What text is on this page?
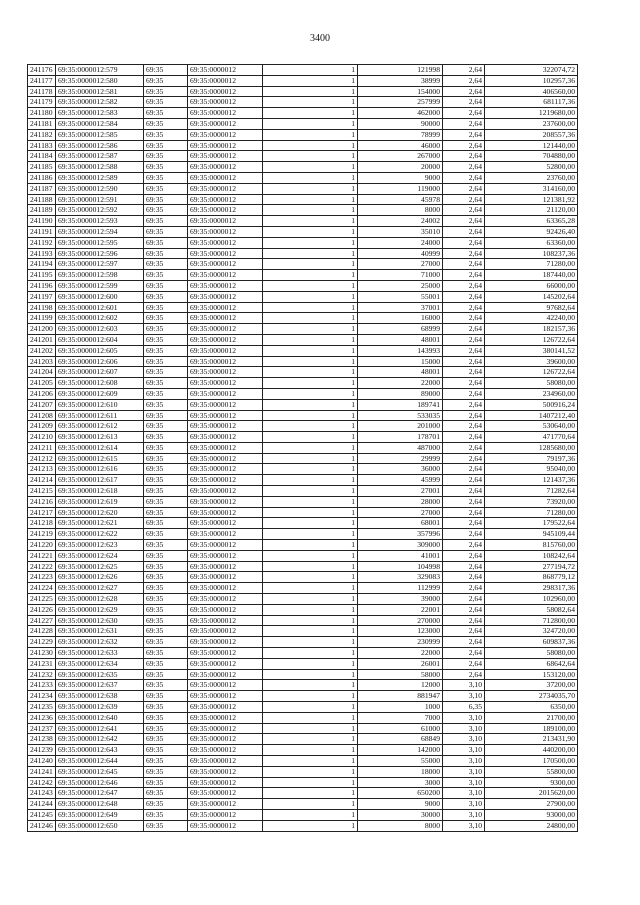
3400
241176	69:35:0000012:579	69:35	69:35:0000012	1	121998	2,64	322074,72
241177	69:35:0000012:580	69:35	69:35:0000012	1	38999	2,64	102957,36
241178	69:35:0000012:581	69:35	69:35:0000012	1	154000	2,64	406560,00
241179	69:35:0000012:582	69:35	69:35:0000012	1	257999	2,64	681117,36
241180	69:35:0000012:583	69:35	69:35:0000012	1	462000	2,64	1219680,00
241181	69:35:0000012:584	69:35	69:35:0000012	1	90000	2,64	237600,00
241182	69:35:0000012:585	69:35	69:35:0000012	1	78999	2,64	208557,36
241183	69:35:0000012:586	69:35	69:35:0000012	1	46000	2,64	121440,00
241184	69:35:0000012:587	69:35	69:35:0000012	1	267000	2,64	704880,00
241185	69:35:0000012:588	69:35	69:35:0000012	1	20000	2,64	52800,00
241186	69:35:0000012:589	69:35	69:35:0000012	1	9000	2,64	23760,00
241187	69:35:0000012:590	69:35	69:35:0000012	1	119000	2,64	314160,00
241188	69:35:0000012:591	69:35	69:35:0000012	1	45978	2,64	121381,92
241189	69:35:0000012:592	69:35	69:35:0000012	1	8000	2,64	21120,00
241190	69:35:0000012:593	69:35	69:35:0000012	1	24002	2,64	63365,28
241191	69:35:0000012:594	69:35	69:35:0000012	1	35010	2,64	92426,40
241192	69:35:0000012:595	69:35	69:35:0000012	1	24000	2,64	63360,00
241193	69:35:0000012:596	69:35	69:35:0000012	1	40999	2,64	108237,36
241194	69:35:0000012:597	69:35	69:35:0000012	1	27000	2,64	71280,00
241195	69:35:0000012:598	69:35	69:35:0000012	1	71000	2,64	187440,00
241196	69:35:0000012:599	69:35	69:35:0000012	1	25000	2,64	66000,00
241197	69:35:0000012:600	69:35	69:35:0000012	1	55001	2,64	145202,64
241198	69:35:0000012:601	69:35	69:35:0000012	1	37001	2,64	97682,64
241199	69:35:0000012:602	69:35	69:35:0000012	1	16000	2,64	42240,00
241200	69:35:0000012:603	69:35	69:35:0000012	1	68999	2,64	182157,36
241201	69:35:0000012:604	69:35	69:35:0000012	1	48001	2,64	126722,64
241202	69:35:0000012:605	69:35	69:35:0000012	1	143993	2,64	380141,52
241203	69:35:0000012:606	69:35	69:35:0000012	1	15000	2,64	39600,00
241204	69:35:0000012:607	69:35	69:35:0000012	1	48001	2,64	126722,64
241205	69:35:0000012:608	69:35	69:35:0000012	1	22000	2,64	58080,00
241206	69:35:0000012:609	69:35	69:35:0000012	1	89000	2,64	234960,00
241207	69:35:0000012:610	69:35	69:35:0000012	1	189741	2,64	500916,24
241208	69:35:0000012:611	69:35	69:35:0000012	1	533035	2,64	1407212,40
241209	69:35:0000012:612	69:35	69:35:0000012	1	201000	2,64	530640,00
241210	69:35:0000012:613	69:35	69:35:0000012	1	178701	2,64	471770,64
241211	69:35:0000012:614	69:35	69:35:0000012	1	487000	2,64	1285680,00
241212	69:35:0000012:615	69:35	69:35:0000012	1	29999	2,64	79197,36
241213	69:35:0000012:616	69:35	69:35:0000012	1	36000	2,64	95040,00
241214	69:35:0000012:617	69:35	69:35:0000012	1	45999	2,64	121437,36
241215	69:35:0000012:618	69:35	69:35:0000012	1	27001	2,64	71282,64
241216	69:35:0000012:619	69:35	69:35:0000012	1	28000	2,64	73920,00
241217	69:35:0000012:620	69:35	69:35:0000012	1	27000	2,64	71280,00
241218	69:35:0000012:621	69:35	69:35:0000012	1	68001	2,64	179522,64
241219	69:35:0000012:622	69:35	69:35:0000012	1	357996	2,64	945109,44
241220	69:35:0000012:623	69:35	69:35:0000012	1	309000	2,64	815760,00
241221	69:35:0000012:624	69:35	69:35:0000012	1	41001	2,64	108242,64
241222	69:35:0000012:625	69:35	69:35:0000012	1	104998	2,64	277194,72
241223	69:35:0000012:626	69:35	69:35:0000012	1	329083	2,64	868779,12
241224	69:35:0000012:627	69:35	69:35:0000012	1	112999	2,64	298317,36
241225	69:35:0000012:628	69:35	69:35:0000012	1	39000	2,64	102960,00
241226	69:35:0000012:629	69:35	69:35:0000012	1	22001	2,64	58082,64
241227	69:35:0000012:630	69:35	69:35:0000012	1	270000	2,64	712800,00
241228	69:35:0000012:631	69:35	69:35:0000012	1	123000	2,64	324720,00
241229	69:35:0000012:632	69:35	69:35:0000012	1	230999	2,64	609837,36
241230	69:35:0000012:633	69:35	69:35:0000012	1	22000	2,64	58080,00
241231	69:35:0000012:634	69:35	69:35:0000012	1	26001	2,64	68642,64
241232	69:35:0000012:635	69:35	69:35:0000012	1	58000	2,64	153120,00
241233	69:35:0000012:637	69:35	69:35:0000012	1	12000	3,10	37200,00
241234	69:35:0000012:638	69:35	69:35:0000012	1	881947	3,10	2734035,70
241235	69:35:0000012:639	69:35	69:35:0000012	1	1000	6,35	6350,00
241236	69:35:0000012:640	69:35	69:35:0000012	1	7000	3,10	21700,00
241237	69:35:0000012:641	69:35	69:35:0000012	1	61000	3,10	189100,00
241238	69:35:0000012:642	69:35	69:35:0000012	1	68849	3,10	213431,90
241239	69:35:0000012:643	69:35	69:35:0000012	1	142000	3,10	440200,00
241240	69:35:0000012:644	69:35	69:35:0000012	1	55000	3,10	170500,00
241241	69:35:0000012:645	69:35	69:35:0000012	1	18000	3,10	55800,00
241242	69:35:0000012:646	69:35	69:35:0000012	1	3000	3,10	9300,00
241243	69:35:0000012:647	69:35	69:35:0000012	1	650200	3,10	2015620,00
241244	69:35:0000012:648	69:35	69:35:0000012	1	9000	3,10	27900,00
241245	69:35:0000012:649	69:35	69:35:0000012	1	30000	3,10	93000,00
241246	69:35:0000012:650	69:35	69:35:0000012	1	8000	3,10	24800,00
